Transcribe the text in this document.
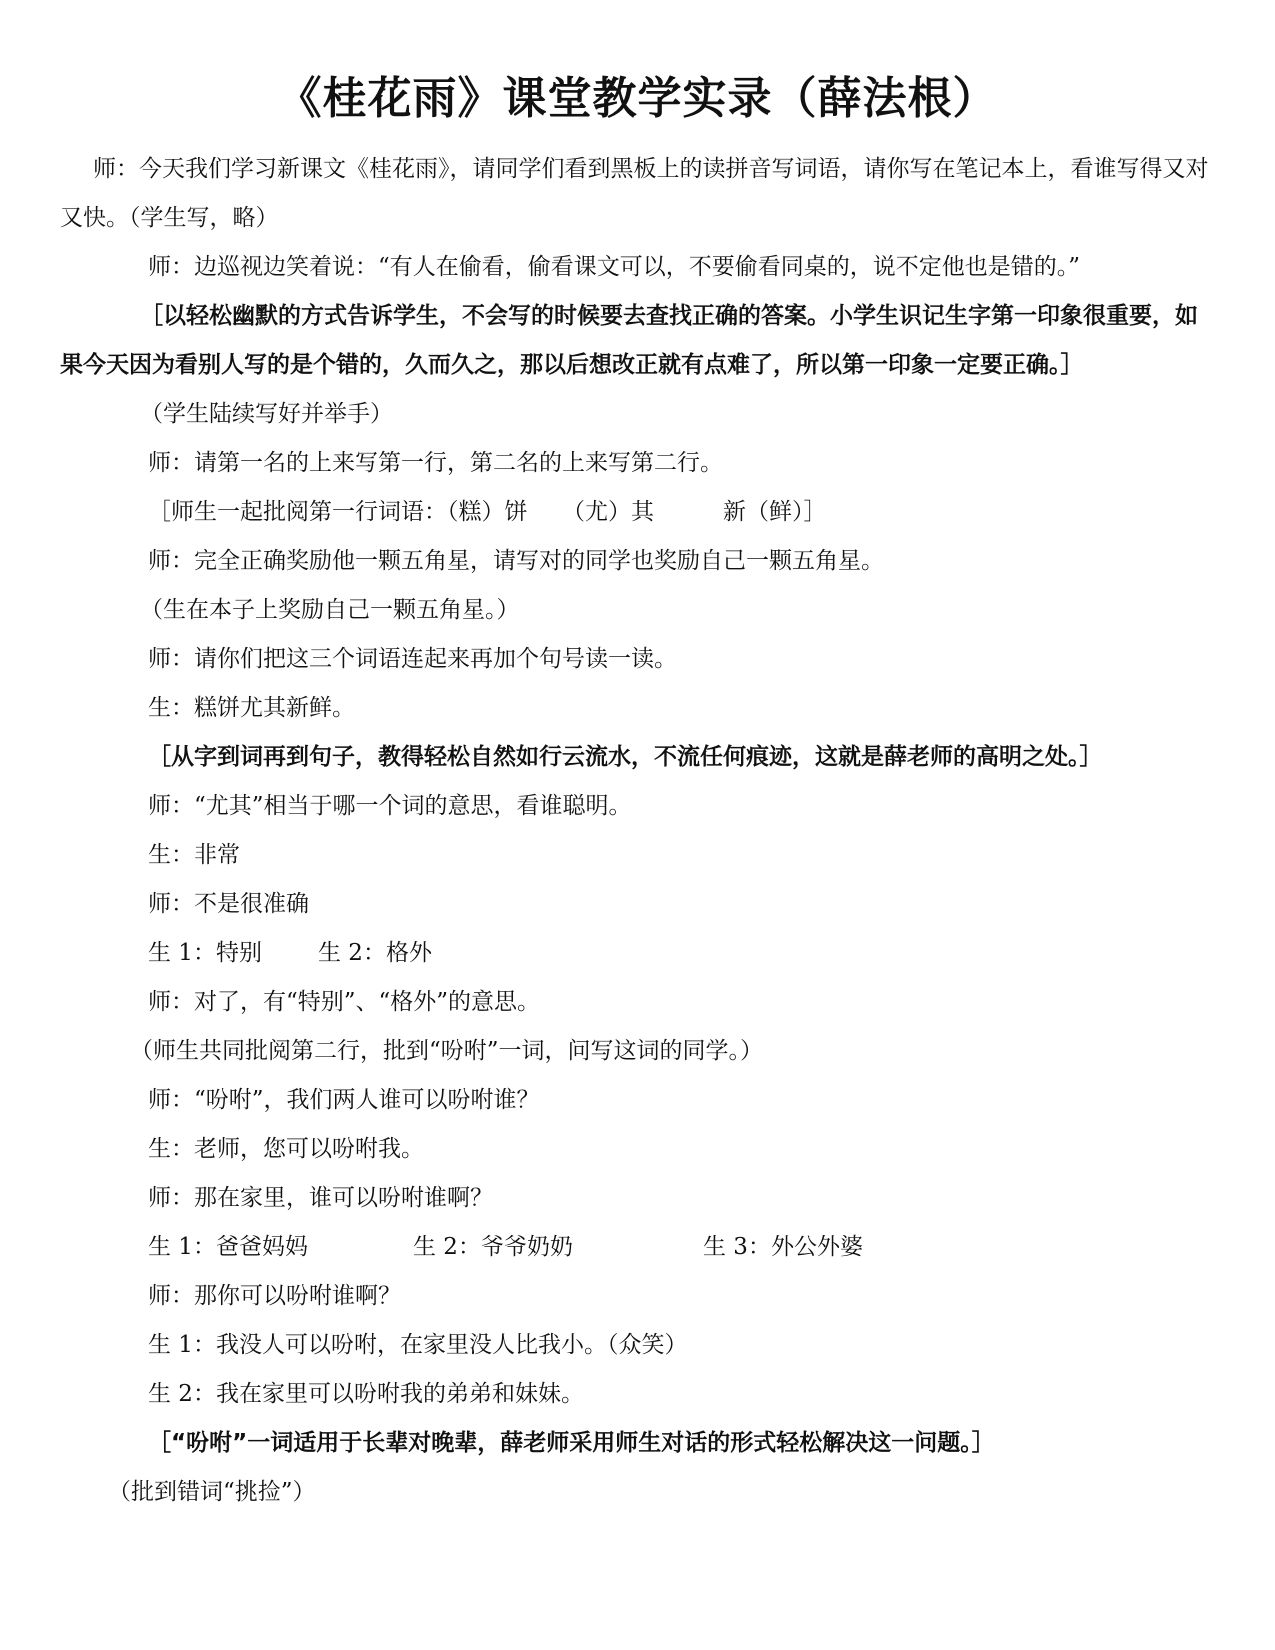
《桂花雨》课堂教学实录（薛法根）

师：今天我们学习新课文《桂花雨》，请同学们看到黑板上的读拼音写词语，请你写在笔记本上，看谁写得又对又快。（学生写，略）

师：边巡视边笑着说：“有人在偷看，偷看课文可以，不要偷看同桌的，说不定他也是错的。”

［以轻松幽默的方式告诉学生，不会写的时候要去查找正确的答案。小学生识记生字第一印象很重要，如果今天因为看别人写的是个错的，久而久之，那以后想改正就有点难了，所以第一印象一定要正确。］

（学生陆续写好并举手）

师：请第一名的上来写第一行，第二名的上来写第二行。

［师生一起批阅第一行词语：（糕）饼　　（尤）其　　　新（鲜）］

师：完全正确奖励他一颗五角星，请写对的同学也奖励自己一颗五角星。

（生在本子上奖励自己一颗五角星。）

师：请你们把这三个词语连起来再加个句号读一读。

生：糕饼尤其新鲜。

［从字到词再到句子，教得轻松自然如行云流水，不流任何痕迹，这就是薛老师的高明之处。］

师：“尤其”相当于哪一个词的意思，看谁聪明。

生：非常

师：不是很准确

生 1：特别	生 2：格外

师：对了，有“特别”、“格外”的意思。

（师生共同批阅第二行，批到“吩咐”一词，问写这词的同学。）

师：“吩咐”，我们两人谁可以吩咐谁？

生：老师，您可以吩咐我。

师：那在家里，谁可以吩咐谁啊？

生 1：爸爸妈妈	生 2：爷爷奶奶	生 3：外公外婆

师：那你可以吩咐谁啊？

生 1：我没人可以吩咐，在家里没人比我小。（众笑）

生 2：我在家里可以吩咐我的弟弟和妹妹。

［“吩咐”一词适用于长辈对晚辈，薛老师采用师生对话的形式轻松解决这一问题。］

（批到错词“挑捡”）
